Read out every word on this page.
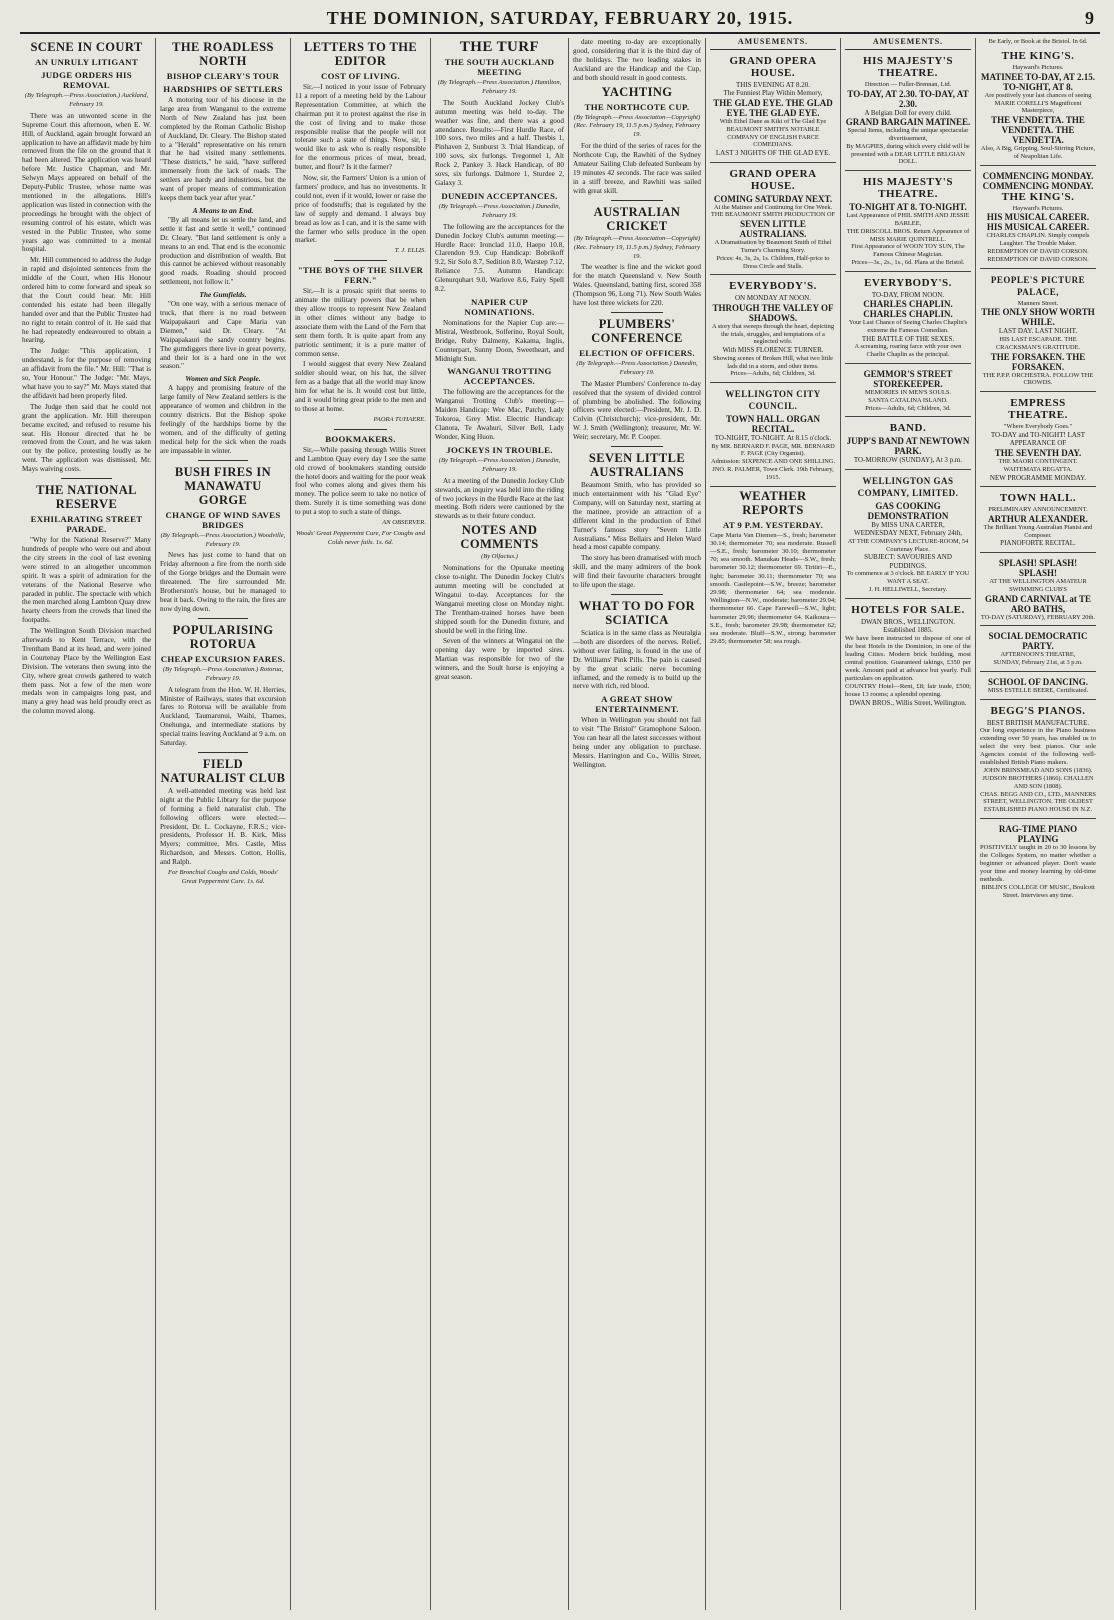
THE DOMINION, SATURDAY, FEBRUARY 20, 1915.	9
SCENE IN COURT
AN UNRULY LITIGANT
JUDGE ORDERS HIS REMOVAL
(By Telegraph.—Press Association.) Auckland, February 19.

There was an unwonted scene in the Supreme Court this afternoon, when E. W. Hill, of Auckland, again brought forward an application to have an affidavit made by him removed from the file on the ground that it had been altered. The application was heard before Mr. Justice Chapman, and Mr. Selwyn Mays appeared on behalf of the Deputy-Public Trustee, whose name was mentioned in the allegations. Hill's application was listed in connection with the proceedings he brought with the object of resuming control of his estate, which was vested in the Public Trustee, who some years ago was committed to a mental hospital.

Mr. Hill commenced to address the Judge in rapid and disjointed sentences from the middle of the Court, when His Honour ordered him to come forward and speak so that the Court could hear. Mr. Hill contended his estate had been illegally handed over and that the Public Trustee had no right to retain control of it. He said that he had repeatedly endeavoured to obtain a hearing.

The Judge: "This application, I understand, is for the purpose of removing an affidavit from the file." Mr. Hill: "That is so, Your Honour." The Judge: "Mr. Mays, what have you to say?" Mr. Mays stated that the affidavit had been properly filed.

The Judge then said that he could not grant the application. Mr. Hill thereupon became excited, and refused to resume his seat. His Honour directed that he be removed from the Court, and he was taken out by the police, protesting loudly as he went. The application was dismissed, Mr. Mays waiving costs.

THE NATIONAL RESERVE
EXHILARATING STREET PARADE.

"Why for the National Reserve?" Many hundreds of people who were out and about the city streets in the cool of last evening were stirred to an altogether uncommon spirit. It was a spirit of admiration for the veterans of the National Reserve who paraded in public. The spectacle with which the men marched along Lambton Quay drew hearty cheers from the crowds that lined the footpaths.

The Wellington South Division marched afterwards to Kent Terrace, with the Trentham Band at its head, and were joined in Courtenay Place by the Wellington East Division. The veterans then swung into the City, where great crowds gathered to watch them pass. Not a few of the men wore medals won in campaigns long past, and many a grey head was held proudly erect as the column moved along.

THE ROADLESS NORTH
BISHOP CLEARY'S TOUR
HARDSHIPS OF SETTLERS

A motoring tour of his diocese in the large area from Wanganui to the extreme North of New Zealand has just been completed by the Roman Catholic Bishop of Auckland, Dr. Cleary. The Bishop stated to a "Herald" representative on his return that he had visited many settlements. "These districts," he said, "have suffered immensely from the lack of roads. The settlers are hardy and industrious, but the want of proper means of communication keeps them back year after year."

A Means to an End.

"By all means let us settle the land, and settle it fast and settle it well," continued Dr. Cleary. "But land settlement is only a means to an end. That end is the economic production and distribution of wealth. But this cannot be achieved without reasonably good roads. Roading should proceed settlement, not follow it."

The Gumfields.

"On one way, with a serious menace of truck, that there is no road between Waipapakauri and Cape Maria van Diemen," said Dr. Cleary. "At Waipapakauri the sandy country begins. The gumdiggers there live in great poverty, and their lot is a hard one in the wet season."

Women and Sick People.

A happy and promising feature of the large family of New Zealand settlers is the appearance of women and children in the country districts. But the Bishop spoke feelingly of the hardships borne by the women, and of the difficulty of getting medical help for the sick when the roads are impassable in winter.

BUSH FIRES IN MANAWATU GORGE
CHANGE OF WIND SAVES BRIDGES
(By Telegraph.—Press Association.) Woodville, February 19.

News has just come to hand that on Friday afternoon a fire from the north side of the Gorge bridges and the Domain were threatened. The fire surrounded Mr. Brotherston's house, but he managed to beat it back. Owing to the rain, the fires are now dying down.

POPULARISING ROTORUA
CHEAP EXCURSION FARES.
(By Telegraph.—Press Association.) Rotorua, February 19.

A telegram from the Hon. W. H. Herries, Minister of Railways, states that excursion fares to Rotorua will be available from Auckland, Taumarunui, Waihi, Thames, Onehunga, and intermediate stations by special trains leaving Auckland at 9 a.m. on Saturday.

FIELD NATURALIST CLUB

A well-attended meeting was held last night at the Public Library for the purpose of forming a field naturalist club. The following officers were elected:—President, Dr. L. Cockayne, F.R.S.; vice-presidents, Professor H. B. Kirk, Miss Myers; committee, Mrs. Castle, Miss Richardson, and Messrs. Cotton, Hollis, and Ralph.

For Bronchial Coughs and Colds, Woods' Great Peppermint Cure. 1s. 6d.
LETTERS TO THE EDITOR
COST OF LIVING.

Sir,—I noticed in your issue of February 11 a report of a meeting held by the Labour Representation Committee, at which the chairman put it to protest against the rise in the cost of living and to make those responsible realise that the people will not tolerate such a state of things. Now, sir, I would like to ask who is really responsible for the enormous prices of meat, bread, butter, and flour? Is it the farmer?

Now, sir, the Farmers' Union is a union of farmers' produce, and has no investments. It could not, even if it would, lower or raise the price of foodstuffs; that is regulated by the law of supply and demand. I always buy bread as low as I can, and it is the same with the farmer who sells produce in the open market.

T. J. ELLIS.
"THE BOYS OF THE SILVER FERN."

Sir,—It is a prosaic spirit that seems to animate the military powers that be when they allow troops to represent New Zealand in other climes without any badge to associate them with the Land of the Fern that sent them forth. It is quite apart from any patriotic sentiment; it is a pure matter of common sense.

I would suggest that every New Zealand soldier should wear, on his hat, the silver fern as a badge that all the world may know him for what he is. It would cost but little, and it would bring great pride to the men and to those at home.

PAORA TUHAERE.
BOOKMAKERS.

Sir,—While passing through Willis Street and Lambton Quay every day I see the same old crowd of bookmakers standing outside the hotel doors and waiting for the poor weak fool who comes along and gives them his money. The police seem to take no notice of them. Surely it is time something was done to put a stop to such a state of things.

AN OBSERVER.
Woods' Great Peppermint Cure, For Coughs and Colds never fails. 1s. 6d.
THE TURF
THE SOUTH AUCKLAND MEETING
(By Telegraph.—Press Association.) Hamilton, February 19.

The South Auckland Jockey Club's autumn meeting was held to-day. The weather was fine, and there was a good attendance. Results:—First Hurdle Race, of 100 sovs, two miles and a half. Thesbis 1, Pinhaven 2, Sunburst 3. Trial Handicap, of 100 sovs, six furlongs. Tregonnel 1, Alt Rock 2, Pankey 3. Hack Handicap, of 80 sovs, six furlongs. Dalmore 1, Sturdee 2, Galaxy 3.

DUNEDIN ACCEPTANCES.
(By Telegraph.—Press Association.) Dunedin, February 19.

The following are the acceptances for the Dunedin Jockey Club's autumn meeting:—Hurdle Race: Ironclad 11.0, Haepo 10.8, Clarendon 9.9. Cup Handicap: Bobrikoff 9.2, Sir Solo 8.7, Sedition 8.0, Warstep 7.12, Reliance 7.5. Autumn Handicap: Glenurquhart 9.0, Warlove 8.6, Fairy Spell 8.2.

NAPIER CUP NOMINATIONS.

Nominations for the Napier Cup are:—Mistral, Westbrook, Solferino, Royal Soult, Bridge, Ruby Dalmeny, Kakama, Inglis, Counterpart, Sunny Doon, Sweetheart, and Midnight Sun.

WANGANUI TROTTING ACCEPTANCES.

The following are the acceptances for the Wanganui Trotting Club's meeting:—Maiden Handicap: Wee Mac, Patchy, Lady Tokoroa, Grey Mist. Electric Handicap: Clanora, Te Awahuri, Silver Bell, Lady Wonder, King Huon.

JOCKEYS IN TROUBLE.
(By Telegraph.—Press Association.) Dunedin, February 19.

At a meeting of the Dunedin Jockey Club stewards, an inquiry was held into the riding of two jockeys in the Hurdle Race at the last meeting. Both riders were cautioned by the stewards as to their future conduct.

NOTES AND COMMENTS
(By Olfactus.)

Nominations for the Opunake meeting close to-night. The Dunedin Jockey Club's autumn meeting will be concluded at Wingatui to-day. Acceptances for the Wanganui meeting close on Monday night. The Trentham-trained horses have been shipped south for the Dunedin fixture, and should be well in the firing line.

Seven of the winners at Wingatui on the opening day were by imported sires. Martian was responsible for two of the winners, and the Soult horse is enjoying a great season.

date meeting to-day are exceptionally good, considering that it is the third day of the holidays. The two leading stakes in Auckland are the Handicap and the Cup, and both should result in good contests.

YACHTING
THE NORTHCOTE CUP.
(By Telegraph.—Press Association—Copyright) (Rec. February 19, 11.5 p.m.) Sydney, February 19.

For the third of the series of races for the Northcote Cup, the Rawhiti of the Sydney Amateur Sailing Club defeated Sunbeam by 19 minutes 42 seconds. The race was sailed in a stiff breeze, and Rawhiti was sailed with great skill.

AUSTRALIAN CRICKET
(By Telegraph.—Press Association—Copyright) (Rec. February 19, 11.5 p.m.) Sydney, February 19.

The weather is fine and the wicket good for the match Queensland v. New South Wales. Queensland, batting first, scored 358 (Thompson 96, Long 71). New South Wales have lost three wickets for 220.

PLUMBERS' CONFERENCE
ELECTION OF OFFICERS.
(By Telegraph.—Press Association.) Dunedin, February 19.

The Master Plumbers' Conference to-day resolved that the system of divided control of plumbing be abolished. The following officers were elected:—President, Mr. J. D. Colvin (Christchurch); vice-president, Mr. W. J. Smith (Wellington); treasurer, Mr. W. Weir; secretary, Mr. P. Cooper.

SEVEN LITTLE AUSTRALIANS

Beaumont Smith, who has provided so much entertainment with his "Glad Eye" Company, will on Saturday next, starting at the matinee, provide an attraction of a different kind in the production of Ethel Turner's famous story "Seven Little Australians." Miss Bellairs and Helen Ward head a most capable company.

The story has been dramatised with much skill, and the many admirers of the book will find their favourite characters brought to life upon the stage.

WHAT TO DO FOR SCIATICA

Sciatica is in the same class as Neuralgia—both are disorders of the nerves. Relief, without ever failing, is found in the use of Dr. Williams' Pink Pills. The pain is caused by the great sciatic nerve becoming inflamed, and the remedy is to build up the nerve with rich, red blood.

A GREAT SHOW ENTERTAINMENT.

When in Wellington you should not fail to visit "The Bristol" Gramophone Saloon. You can hear all the latest successes without being under any obligation to purchase. Messrs. Harrington and Co., Willis Street, Wellington.

AMUSEMENTS.
GRAND OPERA HOUSE.
THIS EVENING AT 8.20.
The Funniest Play Within Memory,
THE GLAD EYE. THE GLAD EYE. THE GLAD EYE.
With Ethel Dane as Kiki of The Glad Eye
BEAUMONT SMITH'S NOTABLE COMPANY OF ENGLISH FARCE COMEDIANS.
LAST 3 NIGHTS OF THE GLAD EYE.
GRAND OPERA HOUSE.
COMING SATURDAY NEXT.
At the Matinee and Continuing for One Week.
THE BEAUMONT SMITH PRODUCTION OF
SEVEN LITTLE AUSTRALIANS.
A Dramatisation by Beaumont Smith of Ethel Turner's Charming Story.
Prices: 4s, 3s, 2s, 1s. Children, Half-price to Dress Circle and Stalls.
EVERYBODY'S.
ON MONDAY AT NOON.
THROUGH THE VALLEY OF SHADOWS.
A story that sweeps through the heart, depicting the trials, struggles, and temptations of a neglected wife.
With MISS FLORENCE TURNER.
Showing scenes of Broken Hill, what two little lads did in a storm, and other items.
Prices—Adults, 6d; Children, 3d.
WELLINGTON CITY COUNCIL.
TOWN HALL. ORGAN RECITAL.
TO-NIGHT, TO-NIGHT. At 8.15 o'clock.
By MR. BERNARD F. PAGE, MR. BERNARD F. PAGE (City Organist).
Admission: SIXPENCE AND ONE SHILLING.
JNO. R. PALMER, Town Clerk. 19th February, 1915.
WEATHER REPORTS
AT 9 P.M. YESTERDAY.
Cape Maria Van Diemen—S., fresh; barometer 30.14; thermometer 70; sea moderate. Russell—S.E., fresh; barometer 30.10; thermometer 70; sea smooth. Manukau Heads—S.W., fresh; barometer 30.12; thermometer 69. Tiritiri—E., light; barometer 30.11; thermometer 70; sea smooth. Castlepoint—S.W., breeze; barometer 29.98; thermometer 64; sea moderate. Wellington—N.W., moderate; barometer 29.94; thermometer 66. Cape Farewell—S.W., light; barometer 29.96; thermometer 64. Kaikoura—S.E., fresh; barometer 29.98; thermometer 62; sea moderate. Bluff—S.W., strong; barometer 29.85; thermometer 58; sea rough.
AMUSEMENTS.
HIS MAJESTY'S THEATRE.
Direction — Fuller-Brennan, Ltd.
TO-DAY, AT 2.30. TO-DAY, AT 2.30.
A Belgian Doll for every child.
GRAND BARGAIN MATINEE.
Special Items, including the unique spectacular divertissement,
By MAGPIES, during which every child will be presented with a DEAR LITTLE BELGIAN DOLL.
HIS MAJESTY'S THEATRE.
TO-NIGHT AT 8. TO-NIGHT.
Last Appearance of PHIL SMITH AND JESSIE BARLEE,
THE DRISCOLL BROS. Return Appearance of MISS MARIE QUINTRELL.
First Appearance of WOON TOY SUN, The Famous Chinese Magician.
Prices—3s., 2s., 1s., 6d. Plans at the Bristol.
EVERYBODY'S.
TO-DAY, FROM NOON.
CHARLES CHAPLIN. CHARLES CHAPLIN.
Your Last Chance of Seeing Charles Chaplin's extreme the Famous Comedian.
THE BATTLE OF THE SEXES.
A screaming, roaring farce with your own Charlie Chaplin as the principal.
GEMMOR'S STREET STOREKEEPER.
MEMORIES IN MEN'S SOULS.
SANTA CATALINA ISLAND.
Prices—Adults, 6d; Children, 3d.
BAND.
JUPP'S BAND AT NEWTOWN PARK.
TO-MORROW (SUNDAY), At 3 p.m.
WELLINGTON GAS COMPANY, LIMITED.
GAS COOKING DEMONSTRATION
By MISS UNA CARTER,
WEDNESDAY NEXT, February 24th,
AT THE COMPANY'S LECTURE-ROOM, 54 Courtenay Place.
SUBJECT: SAVOURIES AND PUDDINGS.
To commence at 3 o'clock. BE EARLY IF YOU WANT A SEAT.
J. H. HELLIWELL, Secretary.
HOTELS FOR SALE.
DWAN BROS., WELLINGTON. Established 1885.
We have been instructed to dispose of one of the best Hotels in the Dominion, in one of the leading Cities. Modern brick building, most central position. Guaranteed takings, £350 per week. Amount paid at advance but yearly. Full particulars on application.
COUNTRY Hotel—Rent, £8; fair trade, £500; house 13 rooms; a splendid opening.
DWAN BROS., Willis Street, Wellington.
Be Early, or Book at the Bristol. In 6d.
THE KING'S.
Hayward's Pictures.
MATINEE TO-DAY, AT 2.15. TO-NIGHT, AT 8.
Are positively your last chances of seeing MARIE CORELLI'S Magnificent Masterpiece,
THE VENDETTA. THE VENDETTA. THE VENDETTA.
Also, A Big, Gripping, Soul-Stirring Picture, of Neapolitan Life.
COMMENCING MONDAY. COMMENCING MONDAY.
THE KING'S.
Hayward's Pictures.
HIS MUSICAL CAREER. HIS MUSICAL CAREER.
CHARLES CHAPLIN. Simply compels Laughter. The Trouble Maker.
REDEMPTION OF DAVID CORSON. REDEMPTION OF DAVID CORSON.
PEOPLE'S PICTURE PALACE,
Manners Street.
THE ONLY SHOW WORTH WHILE.
LAST DAY. LAST NIGHT.
HIS LAST ESCAPADE. THE CRACKSMAN'S GRATITUDE.
THE FORSAKEN. THE FORSAKEN.
THE P.P.P. ORCHESTRA. FOLLOW THE CROWDS.
EMPRESS THEATRE.
"Where Everybody Goes."
TO-DAY and TO-NIGHT! LAST APPEARANCE OF
THE SEVENTH DAY.
THE MAORI CONTINGENT.
WAITEMATA REGATTA.
NEW PROGRAMME MONDAY.
TOWN HALL.
PRELIMINARY ANNOUNCEMENT.
ARTHUR ALEXANDER.
The Brilliant Young Australian Pianist and Composer.
PIANOFORTE RECITAL.
SPLASH! SPLASH! SPLASH!
AT THE WELLINGTON AMATEUR SWIMMING CLUB'S
GRAND CARNIVAL at TE ARO BATHS,
TO-DAY (SATURDAY), FEBRUARY 20th.
SOCIAL DEMOCRATIC PARTY.
AFTERNOON'S THEATRE,
SUNDAY, February 21st, at 3 p.m.
SCHOOL OF DANCING.
MISS ESTELLE BEERE, Certificated.
BEGG'S PIANOS.
BEST BRITISH MANUFACTURE.
Our long experience in the Piano business extending over 50 years, has enabled us to select the very best pianos. Our sole Agencies consist of the following well-established British Piano makers.
JOHN BRINSMEAD AND SONS (1836). JUDSON BROTHERS (1866). CHALLEN AND SON (1808).
CHAS. BEGG AND CO., LTD., MANNERS STREET, WELLINGTON. THE OLDEST ESTABLISHED PIANO HOUSE IN N.Z.
RAG-TIME PIANO PLAYING
POSITIVELY taught in 20 to 30 lessons by the Colleges System, no matter whether a beginner or advanced player. Don't waste your time and money learning by old-time methods.
BIBLIN'S COLLEGE OF MUSIC, Boulcott Street. Interviews any time.
